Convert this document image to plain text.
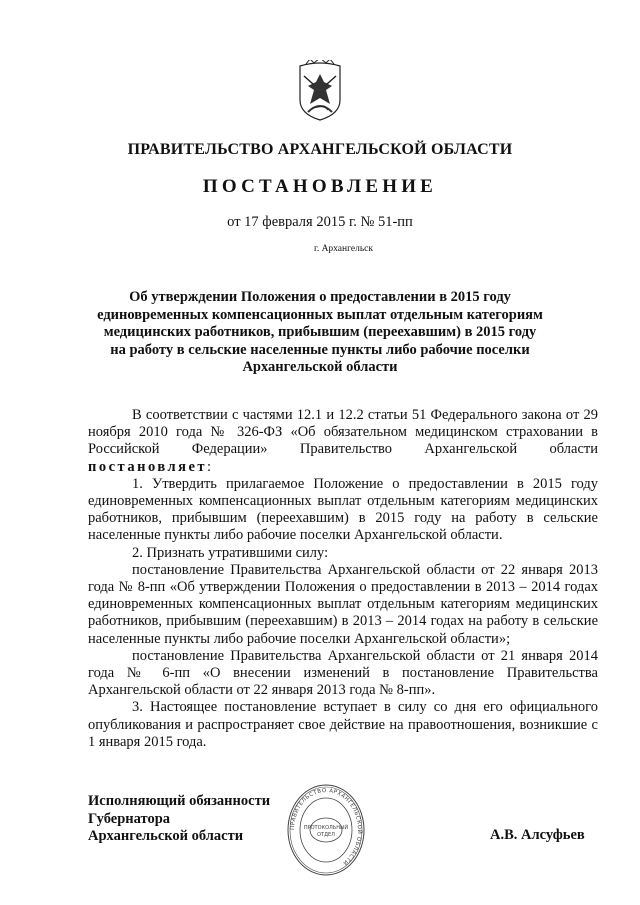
ПРАВИТЕЛЬСТВО АРХАНГЕЛЬСКОЙ ОБЛАСТИ
ПОСТАНОВЛЕНИЕ
от 17 февраля 2015 г. № 51-пп
г. Архангельск
Об утверждении Положения о предоставлении в 2015 году
единовременных компенсационных выплат отдельным категориям
медицинских работников, прибывшим (переехавшим) в 2015 году
на работу в сельские населенные пункты либо рабочие поселки
Архангельской области

В соответствии с частями 12.1 и 12.2 статьи 51 Федерального закона от 29 ноября 2010 года № 326-ФЗ «Об обязательном медицинском страховании в Российской Федерации» Правительство Архангельской области постановляет:

1. Утвердить прилагаемое Положение о предоставлении в 2015 году единовременных компенсационных выплат отдельным категориям медицинских работников, прибывшим (переехавшим) в 2015 году на работу в сельские населенные пункты либо рабочие поселки Архангельской области.

2. Признать утратившими силу:

постановление Правительства Архангельской области от 22 января 2013 года № 8-пп «Об утверждении Положения о предоставлении в 2013 – 2014 годах единовременных компенсационных выплат отдельным категориям медицинских работников, прибывшим (переехавшим) в 2013 – 2014 годах на работу в сельские населенные пункты либо рабочие поселки Архангельской области»;

постановление Правительства Архангельской области от 21 января 2014 года № 6-пп «О внесении изменений в постановление Правительства Архангельской области от 22 января 2013 года № 8-пп».

3. Настоящее постановление вступает в силу со дня его официального опубликования и распространяет свое действие на правоотношения, возникшие с 1 января 2015 года.

Исполняющий обязанности
Губернатора
Архангельской области
ПРАВИТЕЛЬСТВО АРХАНГЕЛЬСКОЙ ОБЛАСТИ
ПРОТОКОЛЬНЫЙ
ОТДЕЛ	А.В. Алсуфьев
